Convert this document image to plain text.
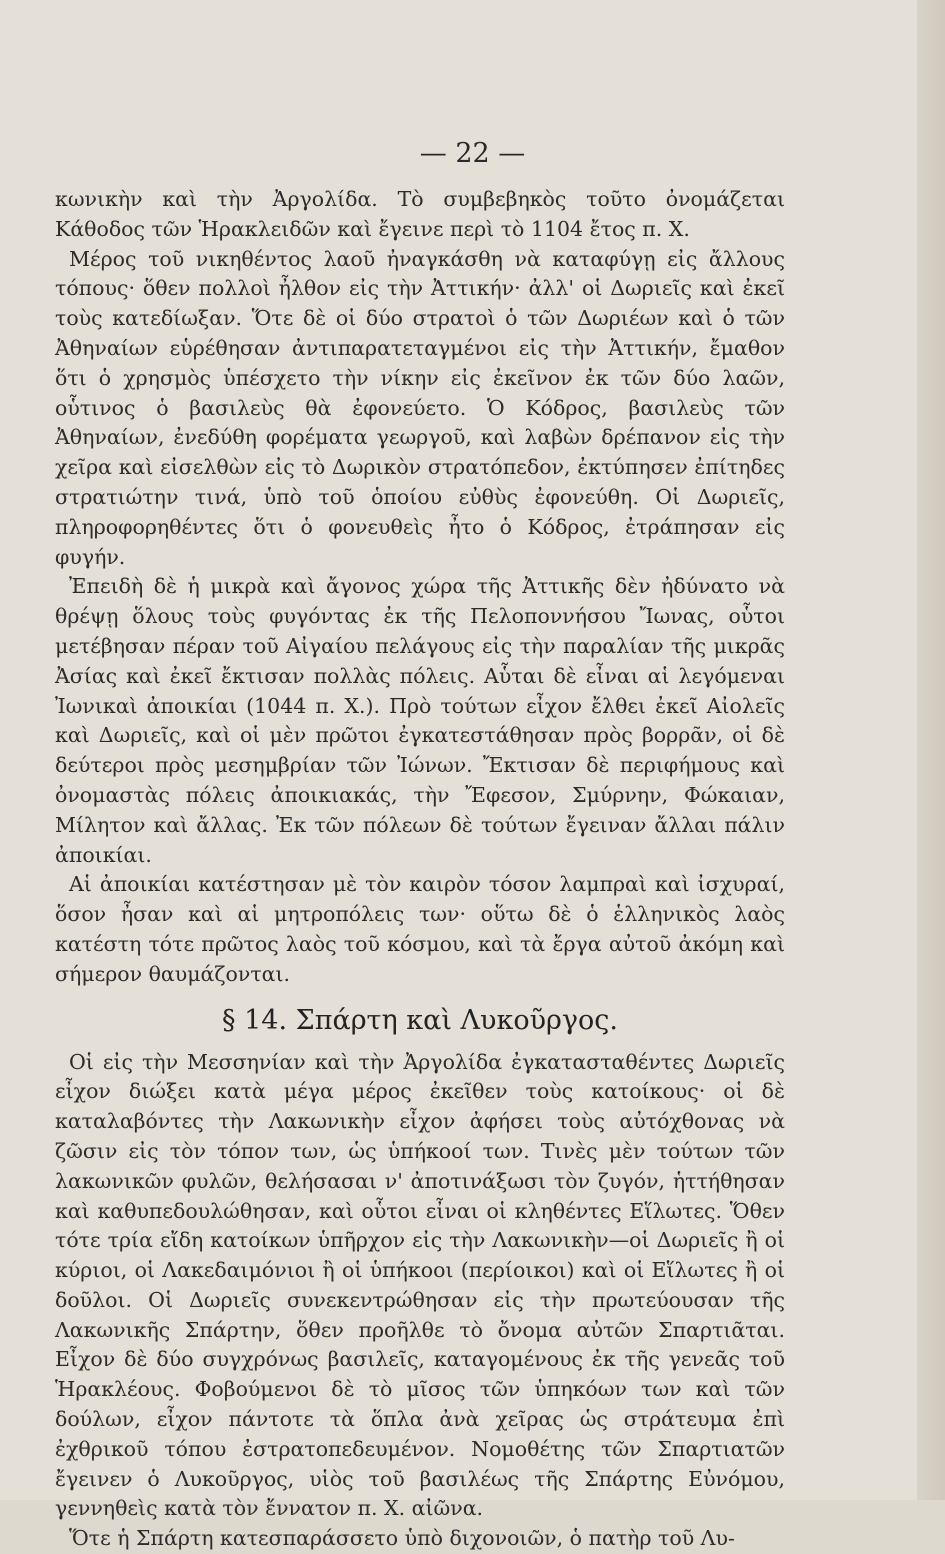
— 22 —

κωνικὴν καὶ τὴν Ἀργολίδα. Τὸ συμβεβηκὸς τοῦτο ὀνομάζεται Κάθοδος τῶν Ἡρακλειδῶν καὶ ἔγεινε περὶ τὸ 1104 ἔτος π. Χ.

Μέρος τοῦ νικηθέντος λαοῦ ἠναγκάσθη νὰ καταφύγῃ εἰς ἄλλους τόπους· ὅθεν πολλοὶ ἦλθον εἰς τὴν Ἀττικήν· ἀλλ' οἱ Δωριεῖς καὶ ἐκεῖ τοὺς κατεδίωξαν. Ὅτε δὲ οἱ δύο στρατοὶ ὁ τῶν Δωριέων καὶ ὁ τῶν Ἀθηναίων εὑρέθησαν ἀντιπαρατεταγμένοι εἰς τὴν Ἀττικήν, ἔμαθον ὅτι ὁ χρησμὸς ὑπέσχετο τὴν νίκην εἰς ἐκεῖνον ἐκ τῶν δύο λαῶν, οὗτινος ὁ βασιλεὺς θὰ ἐφονεύετο. Ὁ Κόδρος, βασιλεὺς τῶν Ἀθηναίων, ἐνεδύθη φορέματα γεωργοῦ, καὶ λαβὼν δρέπανον εἰς τὴν χεῖρα καὶ εἰσελθὼν εἰς τὸ Δωρικὸν στρατόπεδον, ἐκτύπησεν ἐπίτηδες στρατιώτην τινά, ὑπὸ τοῦ ὁποίου εὐθὺς ἐφονεύθη. Οἱ Δωριεῖς, πληροφορηθέντες ὅτι ὁ φονευθεὶς ἦτο ὁ Κόδρος, ἐτράπησαν εἰς φυγήν.

Ἐπειδὴ δὲ ἡ μικρὰ καὶ ἄγονος χώρα τῆς Ἀττικῆς δὲν ἠδύνατο νὰ θρέψῃ ὅλους τοὺς φυγόντας ἐκ τῆς Πελοποννήσου Ἴωνας, οὗτοι μετέβησαν πέραν τοῦ Αἰγαίου πελάγους εἰς τὴν παραλίαν τῆς μικρᾶς Ἀσίας καὶ ἐκεῖ ἔκτισαν πολλὰς πόλεις. Αὗται δὲ εἶναι αἱ λεγόμεναι Ἰωνικαὶ ἀποικίαι (1044 π. Χ.). Πρὸ τούτων εἶχον ἔλθει ἐκεῖ Αἰολεῖς καὶ Δωριεῖς, καὶ οἱ μὲν πρῶτοι ἐγκατεστάθησαν πρὸς βορρᾶν, οἱ δὲ δεύτεροι πρὸς μεσημβρίαν τῶν Ἰώνων. Ἔκτισαν δὲ περιφήμους καὶ ὀνομαστὰς πόλεις ἀποικιακάς, τὴν Ἔφεσον, Σμύρνην, Φώκαιαν, Μίλητον καὶ ἄλλας. Ἐκ τῶν πόλεων δὲ τούτων ἔγειναν ἄλλαι πάλιν ἀποικίαι.

Αἱ ἀποικίαι κατέστησαν μὲ τὸν καιρὸν τόσον λαμπραὶ καὶ ἰσχυραί, ὅσον ἦσαν καὶ αἱ μητροπόλεις των· οὕτω δὲ ὁ ἑλληνικὸς λαὸς κατέστη τότε πρῶτος λαὸς τοῦ κόσμου, καὶ τὰ ἔργα αὐτοῦ ἀκόμη καὶ σήμερον θαυμάζονται.

§ 14. Σπάρτη καὶ Λυκοῦργος.

Οἱ εἰς τὴν Μεσσηνίαν καὶ τὴν Ἀργολίδα ἐγκατασταθέντες Δωριεῖς εἶχον διώξει κατὰ μέγα μέρος ἐκεῖθεν τοὺς κατοίκους· οἱ δὲ καταλαβόντες τὴν Λακωνικὴν εἶχον ἀφήσει τοὺς αὐτόχθονας νὰ ζῶσιν εἰς τὸν τόπον των, ὡς ὑπήκοοί των. Τινὲς μὲν τούτων τῶν λακωνικῶν φυλῶν, θελήσασαι ν' ἀποτινάξωσι τὸν ζυγόν, ἡττήθησαν καὶ καθυπεδουλώθησαν, καὶ οὗτοι εἶναι οἱ κληθέντες Εἵλωτες. Ὅθεν τότε τρία εἴδη κατοίκων ὑπῆρχον εἰς τὴν Λακωνικὴν—οἱ Δωριεῖς ἢ οἱ κύριοι, οἱ Λακεδαιμόνιοι ἢ οἱ ὑπήκοοι (περίοικοι) καὶ οἱ Εἵλωτες ἢ οἱ δοῦλοι. Οἱ Δωριεῖς συνεκεντρώθησαν εἰς τὴν πρωτεύουσαν τῆς Λακωνικῆς Σπάρτην, ὅθεν προῆλθε τὸ ὄνομα αὐτῶν Σπαρτιᾶται. Εἶχον δὲ δύο συγχρόνως βασιλεῖς, καταγομένους ἐκ τῆς γενεᾶς τοῦ Ἡρακλέους. Φοβούμενοι δὲ τὸ μῖσος τῶν ὑπηκόων των καὶ τῶν δούλων, εἶχον πάντοτε τὰ ὅπλα ἀνὰ χεῖρας ὡς στράτευμα ἐπὶ ἐχθρικοῦ τόπου ἐστρατοπεδευμένον. Νομοθέτης τῶν Σπαρτιατῶν ἔγεινεν ὁ Λυκοῦργος, υἱὸς τοῦ βασιλέως τῆς Σπάρτης Εὐνόμου, γεννηθεὶς κατὰ τὸν ἔννατον π. Χ. αἰῶνα.

Ὅτε ἡ Σπάρτη κατεσπαράσσετο ὑπὸ διχονοιῶν, ὁ πατὴρ τοῦ Λυ-
